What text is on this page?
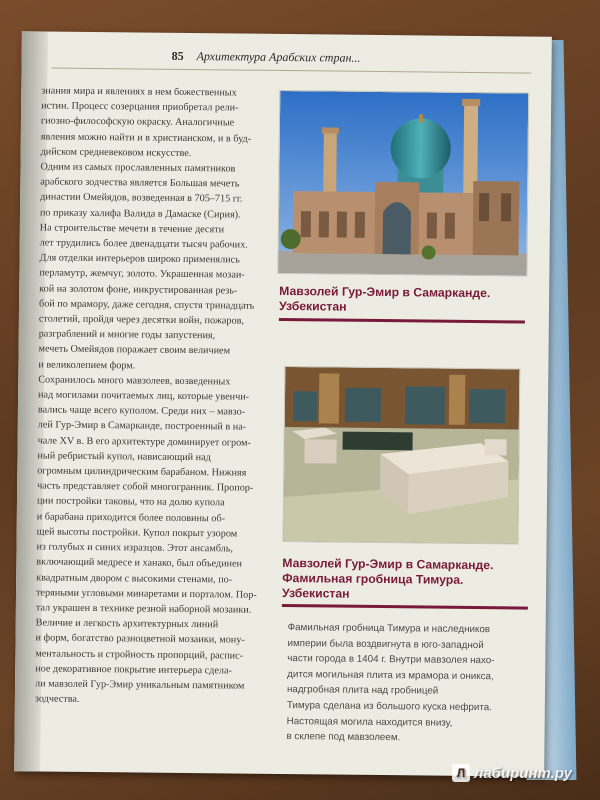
85 Архитектура Арабских стран...
знания мира и явлениях в нем божественных
истин. Процесс созерцания приобретал рели-
гиозно-философскую окраску. Аналогичные
явления можно найти и в христианском, и в буд-
дийском средневековом искусстве.
Одним из самых прославленных памятников
арабского зодчества является Большая мечеть
династии Омейядов, возведенная в 705–715 гг.
по приказу халифа Валида в Дамаске (Сирия).
На строительстве мечети в течение десяти
лет трудились более двенадцати тысяч рабочих.
Для отделки интерьеров широко применялись
перламутр, жемчуг, золото. Украшенная мозаи-
кой на золотом фоне, инкрустированная резь-
бой по мрамору, даже сегодня, спустя тринадцать
столетий, пройдя через десятки войн, пожаров,
разграблений и многие годы запустения,
мечеть Омейядов поражает своим величием
и великолепием форм.
Сохранилось много мавзолеев, возведенных
над могилами почитаемых лиц, которые увенчи-
вались чаще всего куполом. Среди них – мавзо-
лей Гур-Эмир в Самарканде, построенный в на-
чале XV в. В его архитектуре доминирует огром-
ный ребристый купол, нависающий над
огромным цилиндрическим барабаном. Нижняя
часть представляет собой многогранник. Пропор-
ции постройки таковы, что на долю купола
и барабана приходится более половины об-
щей высоты постройки. Купол покрыт узором
из голубых и синих изразцов. Этот ансамбль,
включающий медресе и ханако, был объединен
квадратным двором с высокими стенами, по-
теряными угловыми минаретами и порталом. Пор-
тал украшен в технике резной наборной мозаики.
Величие и легкость архитектурных линий
и форм, богатство разноцветной мозаики, мону-
ментальность и стройность пропорций, распис-
ное декоративное покрытие интерьера сдела-
ли мавзолей Гур-Эмир уникальным памятником
зодчества.
Мавзолей Гур-Эмир в Самарканде.
Узбекистан
Мавзолей Гур-Эмир в Самарканде.
Фамильная гробница Тимура.
Узбекистан
Фамильная гробница Тимура и наследников
империи была воздвигнута в юго-западной
части города в 1404 г. Внутри мавзолея нахо-
дится могильная плита из мрамора и оникса,
надгробная плита над гробницей
Тимура сделана из большого куска нефрита.
Настоящая могила находится внизу,
в склепе под мавзолеем.
Л лабиринт.ру
